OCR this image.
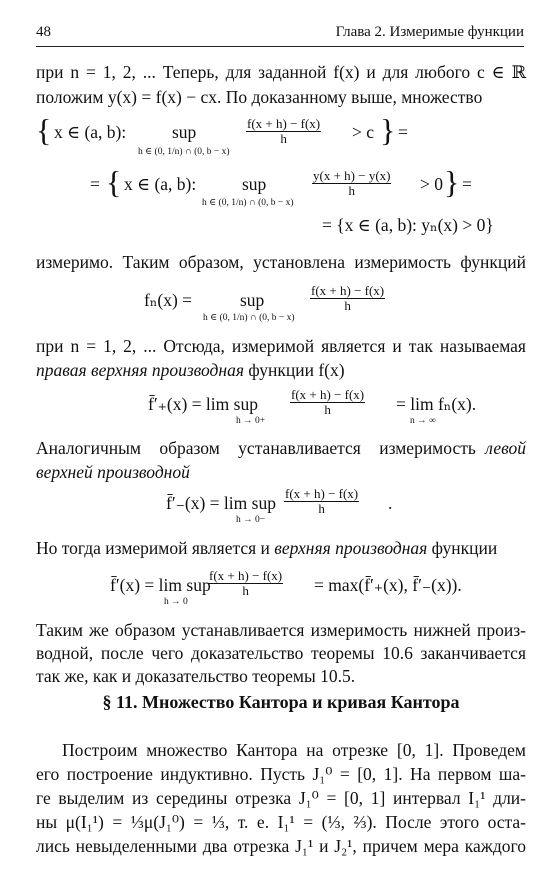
48	Глава 2. Измеримые функции
при n = 1, 2, ... Теперь, для заданной f(x) и для любого c ∈ ℝ
положим y(x) = f(x) − cx. По доказанному выше, множество
{ x ∈ (a, b):	sup
h ∈ (0, 1/n) ∩ (0, b − x)
$\frac{f(x + h) - f(x)}{h} > c$ } =
= { x ∈ (a, b):	sup
h ∈ (0, 1/n) ∩ (0, b − x)
$\frac{y(x + h) - y(x)}{h} > 0$ } =
= {x ∈ (a, b): yₙ(x) > 0}
измеримо. Таким образом, установлена измеримость функций
fₙ(x) =	sup
h ∈ (0, 1/n) ∩ (0, b − x)
$\frac{f(x + h) - f(x)}{h}$
при n = 1, 2, ... Отсюда, измеримой является и так называемая
правая верхняя производная функции f(x)
f̄′₊(x) = lim sup
h → 0+
$\frac{f(x + h) - f(x)}{h} = \lim f_n(x)$.
n → ∞
Аналогичным образом устанавливается измеримость левой
верхней производной
f̄′₋(x) = lim sup
h → 0−
$\frac{f(x + h) - f(x)}{h}$ .
Но тогда измеримой является и верхняя производная функции
f̄′(x) = lim sup
h → 0
$\frac{f(x + h) - f(x)}{h}$ = max(f̄′₊(x), f̄′₋(x)).
Таким же образом устанавливается измеримость нижней произ-
водной, после чего доказательство теоремы 10.6 заканчивается
так же, как и доказательство теоремы 10.5.
§ 11. Множество Кантора и кривая Кантора
Построим множество Кантора на отрезке [0, 1]. Проведем
его построение индуктивно. Пусть J₁⁰ = [0, 1]. На первом ша-
ге выделим из середины отрезка J₁⁰ = [0, 1] интервал I₁¹ дли-
ны μ(I₁¹) = ⅓μ(J₁⁰) = ⅓, т. е. I₁¹ = (⅓, ⅔). После этого оста-
лись невыделенными два отрезка J₁¹ и J₂¹, причем мера каждого
